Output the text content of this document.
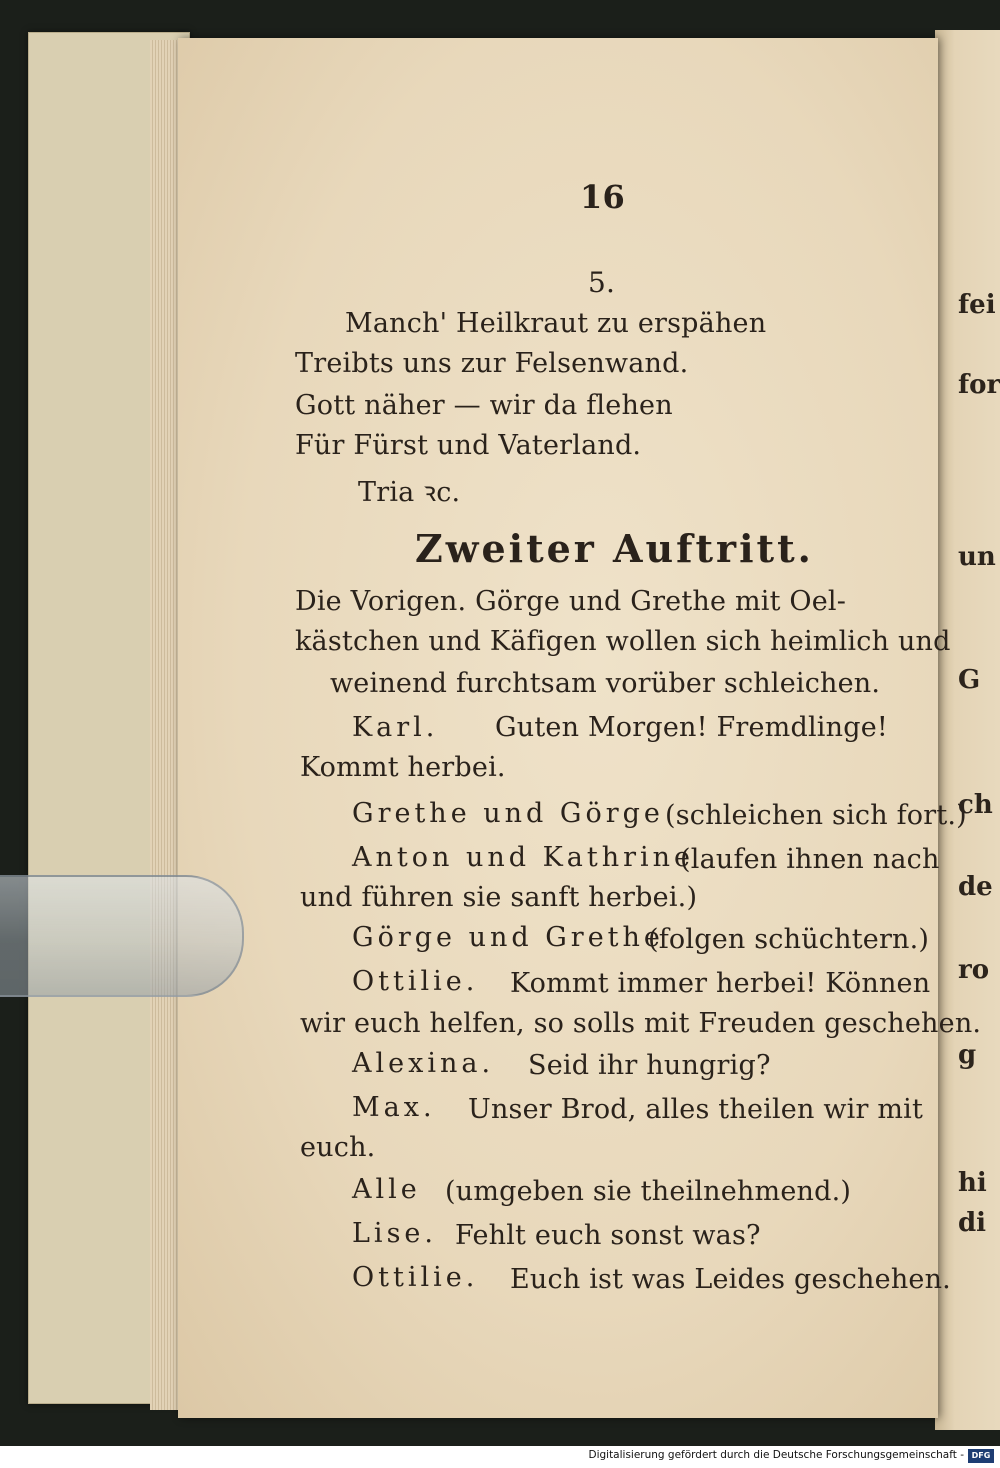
fei
for
un
G
ch
de
ro
g
hi
di
16
5.
Manch' Heilkraut zu erspähen
Treibts uns zur Felsenwand.
Gott näher — wir da flehen
Für Fürst und Vaterland.
Tria ꝛc.
Zweiter Auftritt.
Die Vorigen. Görge und Grethe mit Oel-
kästchen und Käfigen wollen sich heimlich und
weinend furchtsam vorüber schleichen.
Karl. Guten Morgen! Fremdlinge!
Kommt herbei.
Grethe und Görge (schleichen sich fort.)
Anton und Kathrine
(laufen ihnen nach
und führen sie sanft herbei.)
Görge und Grethe
(folgen schüchtern.)
Ottilie. Kommt immer herbei! Können
wir euch helfen, so solls mit Freuden geschehen.
Alexina. Seid ihr hungrig?
Max. Unser Brod, alles theilen wir mit
euch.
Alle (umgeben sie theilnehmend.)
Lise. Fehlt euch sonst was?
Ottilie. Euch ist was Leides geschehen.
Digitalisierung gefördert durch die Deutsche Forschungsgemeinschaft - DFG
